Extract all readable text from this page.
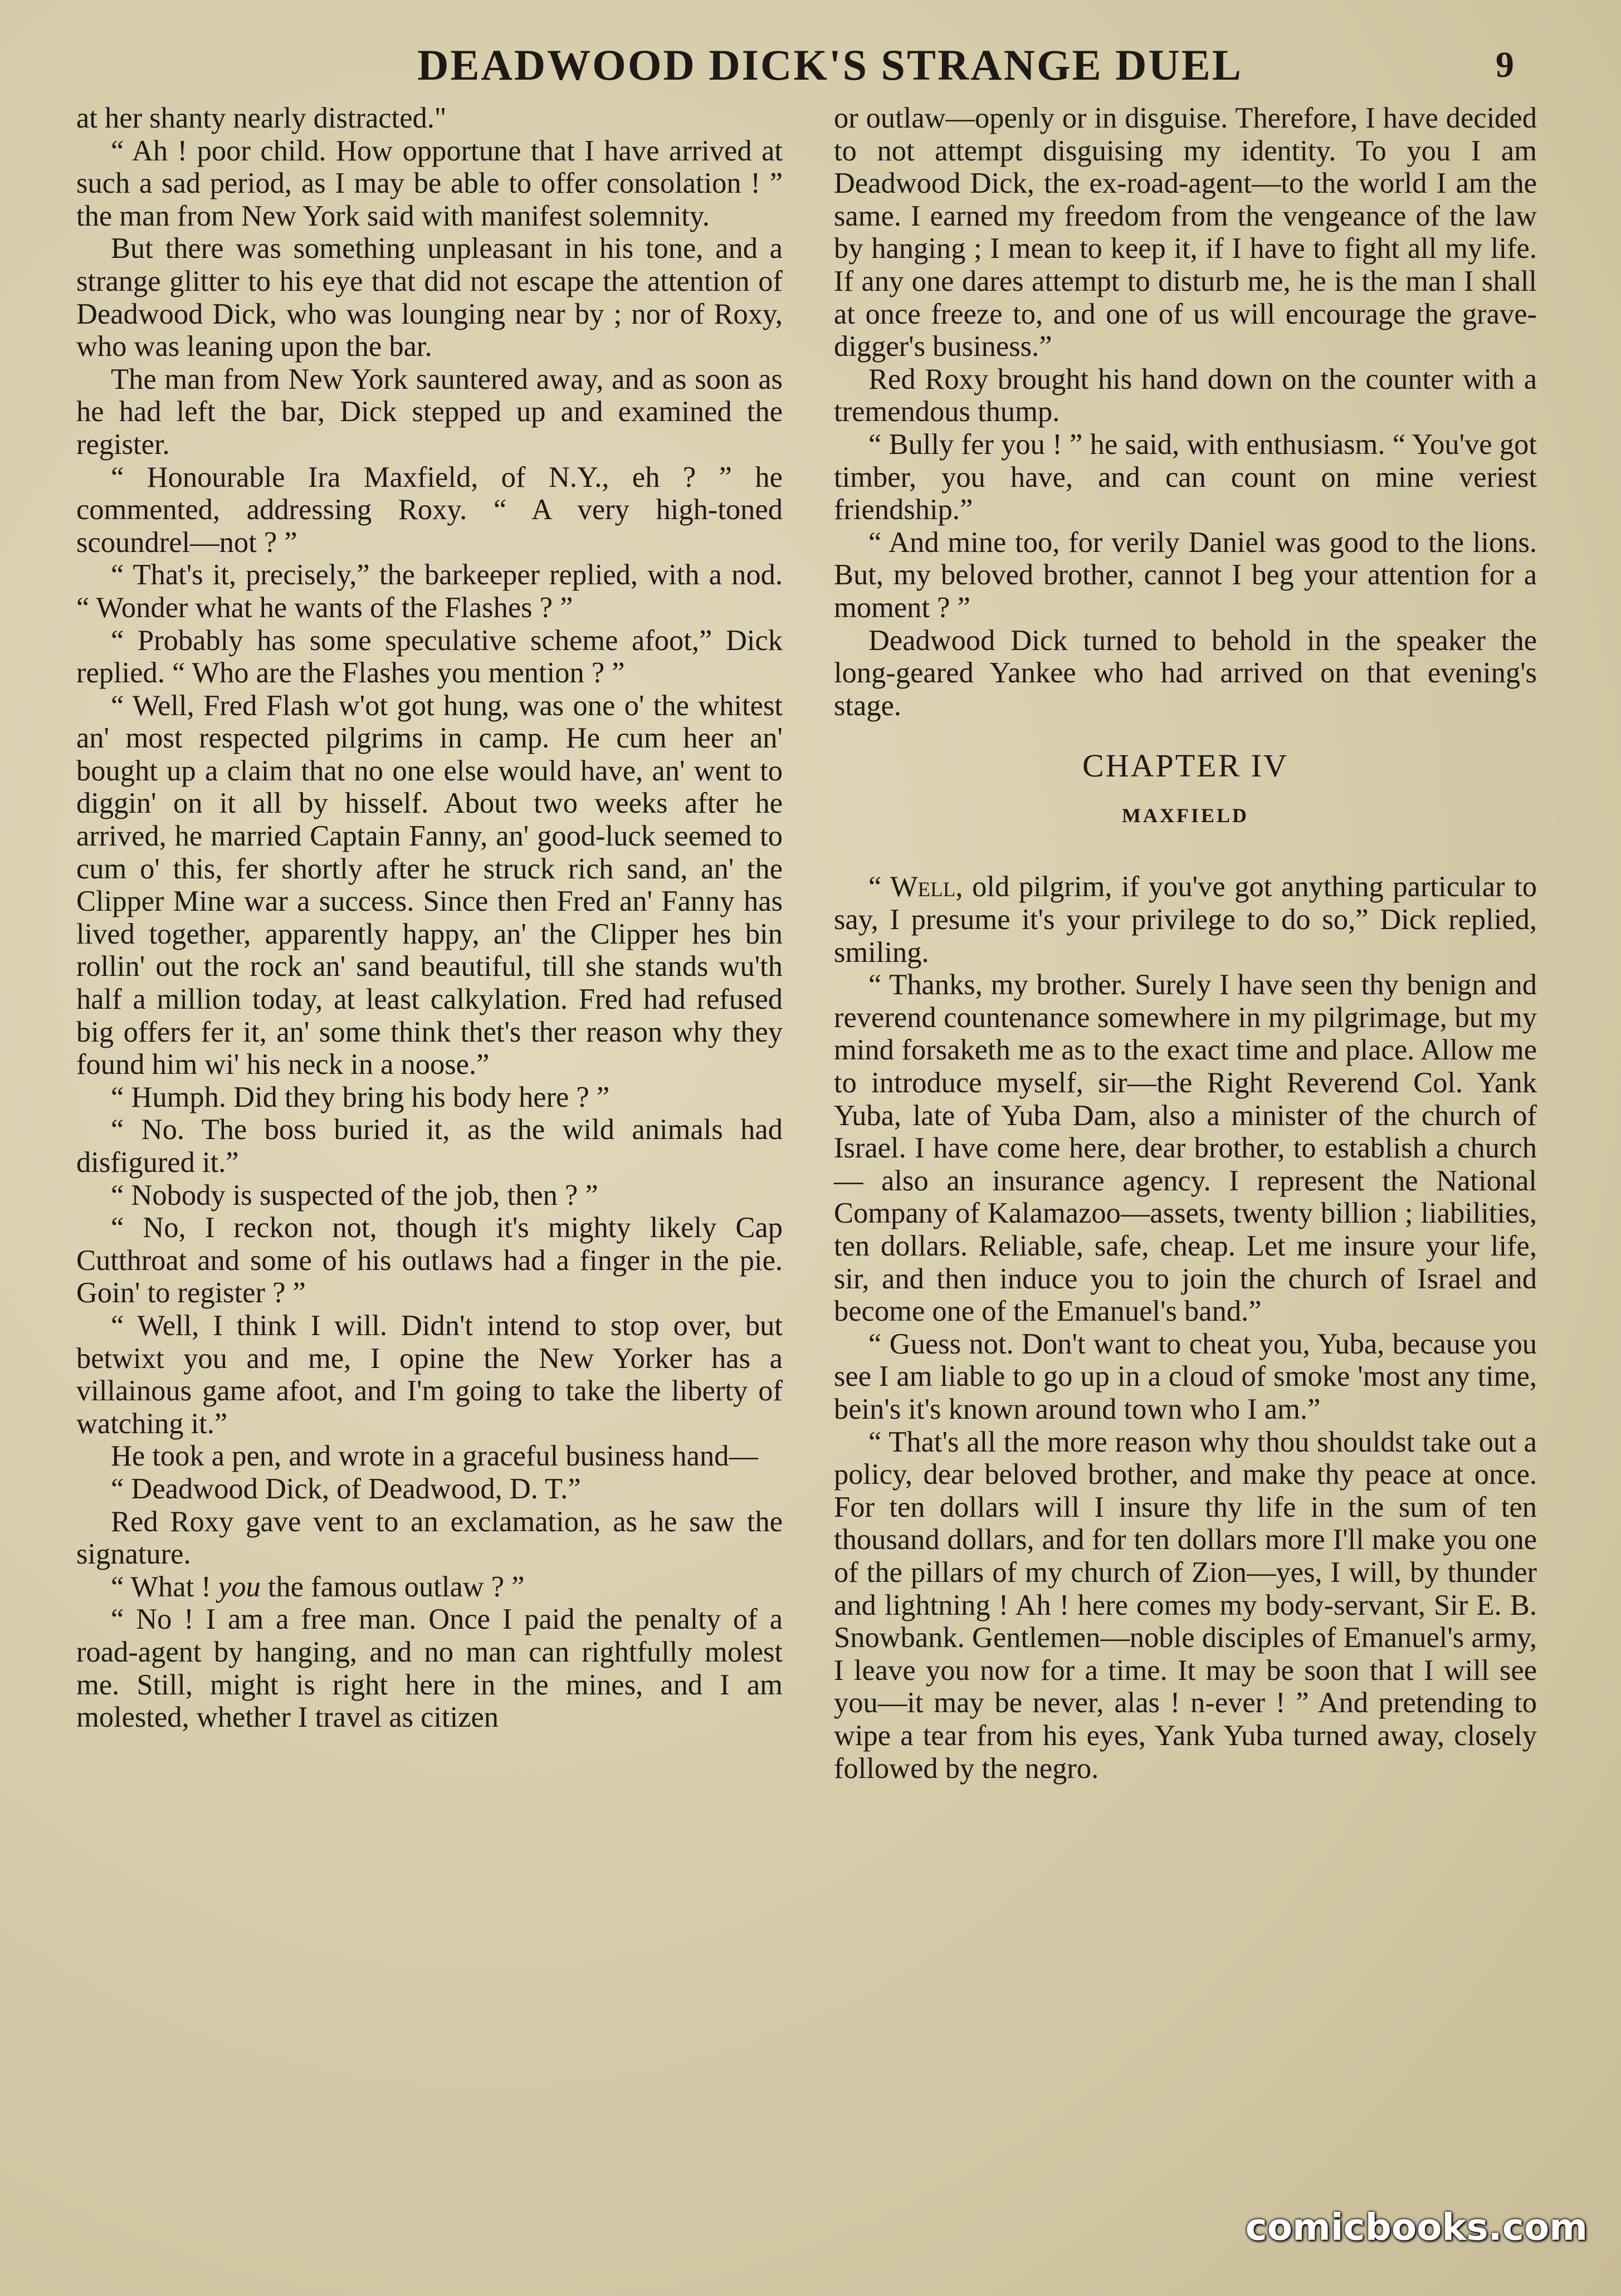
DEADWOOD DICK'S STRANGE DUEL	9

at her shanty nearly distracted."

“ Ah ! poor child. How opportune that I have arrived at such a sad period, as I may be able to offer consolation ! ” the man from New York said with manifest solemnity.

But there was something unpleasant in his tone, and a strange glitter to his eye that did not escape the attention of Deadwood Dick, who was lounging near by ; nor of Roxy, who was leaning upon the bar.

The man from New York sauntered away, and as soon as he had left the bar, Dick stepped up and examined the register.

“ Honourable Ira Maxfield, of N.Y., eh ? ” he commented, addressing Roxy. “ A very high-toned scoundrel—not ? ”

“ That's it, precisely,” the barkeeper replied, with a nod. “ Wonder what he wants of the Flashes ? ”

“ Probably has some speculative scheme afoot,” Dick replied. “ Who are the Flashes you mention ? ”

“ Well, Fred Flash w'ot got hung, was one o' the whitest an' most respected pilgrims in camp. He cum heer an' bought up a claim that no one else would have, an' went to diggin' on it all by hisself. About two weeks after he arrived, he married Captain Fanny, an' good-luck seemed to cum o' this, fer shortly after he struck rich sand, an' the Clipper Mine war a success. Since then Fred an' Fanny has lived together, apparently happy, an' the Clipper hes bin rollin' out the rock an' sand beautiful, till she stands wu'th half a million today, at least calkylation. Fred had refused big offers fer it, an' some think thet's ther reason why they found him wi' his neck in a noose.”

“ Humph. Did they bring his body here ? ”

“ No. The boss buried it, as the wild animals had disfigured it.”

“ Nobody is suspected of the job, then ? ”

“ No, I reckon not, though it's mighty likely Cap Cutthroat and some of his outlaws had a finger in the pie. Goin' to register ? ”

“ Well, I think I will. Didn't intend to stop over, but betwixt you and me, I opine the New Yorker has a villainous game afoot, and I'm going to take the liberty of watching it.”

He took a pen, and wrote in a graceful business hand—

“ Deadwood Dick, of Deadwood, D. T.”

Red Roxy gave vent to an exclamation, as he saw the signature.

“ What ! you the famous outlaw ? ”

“ No ! I am a free man. Once I paid the penalty of a road-agent by hanging, and no man can rightfully molest me. Still, might is right here in the mines, and I am molested, whether I travel as citizen

or outlaw—openly or in disguise. Therefore, I have decided to not attempt disguising my identity. To you I am Deadwood Dick, the ex-road-agent—to the world I am the same. I earned my freedom from the vengeance of the law by hanging ; I mean to keep it, if I have to fight all my life. If any one dares attempt to disturb me, he is the man I shall at once freeze to, and one of us will encourage the grave-digger's business.”

Red Roxy brought his hand down on the counter with a tremendous thump.

“ Bully fer you ! ” he said, with enthusiasm. “ You've got timber, you have, and can count on mine veriest friendship.”

“ And mine too, for verily Daniel was good to the lions. But, my beloved brother, cannot I beg your attention for a moment ? ”

Deadwood Dick turned to behold in the speaker the long-geared Yankee who had arrived on that evening's stage.

CHAPTER IV
MAXFIELD

“ Well, old pilgrim, if you've got anything particular to say, I presume it's your privilege to do so,” Dick replied, smiling.

“ Thanks, my brother. Surely I have seen thy benign and reverend countenance somewhere in my pilgrimage, but my mind forsaketh me as to the exact time and place. Allow me to introduce myself, sir—the Right Reverend Col. Yank Yuba, late of Yuba Dam, also a minister of the church of Israel. I have come here, dear brother, to establish a church — also an insurance agency. I represent the National Company of Kalamazoo—assets, twenty billion ; liabilities, ten dollars. Reliable, safe, cheap. Let me insure your life, sir, and then induce you to join the church of Israel and become one of the Emanuel's band.”

“ Guess not. Don't want to cheat you, Yuba, because you see I am liable to go up in a cloud of smoke 'most any time, bein's it's known around town who I am.”

“ That's all the more reason why thou shouldst take out a policy, dear beloved brother, and make thy peace at once. For ten dollars will I insure thy life in the sum of ten thousand dollars, and for ten dollars more I'll make you one of the pillars of my church of Zion—yes, I will, by thunder and lightning ! Ah ! here comes my body-servant, Sir E. B. Snowbank. Gentlemen—noble disciples of Emanuel's army, I leave you now for a time. It may be soon that I will see you—it may be never, alas ! n-ever ! ” And pretending to wipe a tear from his eyes, Yank Yuba turned away, closely followed by the negro.

comicbooks.com
